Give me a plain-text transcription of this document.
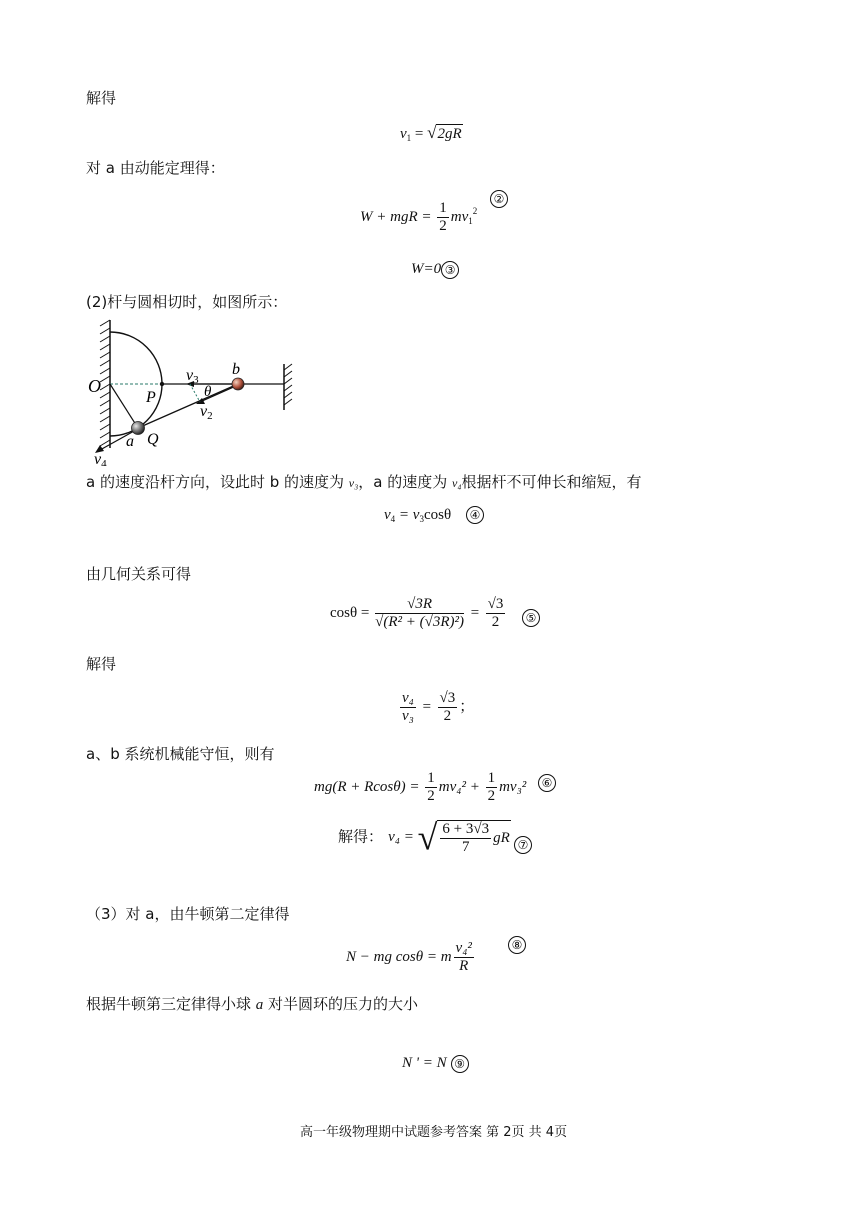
解得
$v_1 = √2gR$
对 a 由动能定理得：
W + mgR = $\frac{1}{2} mv_1^2$
②
W=0 ③
(2)杆与圆相切时，如图所示：
O
P
Q
a
b
θ
v3
v2
v4
a 的速度沿杆方向，设此时 b 的速度为 v₃，a 的速度为 v₄根据杆不可伸长和缩短，有
$v_4 = v_3\cos\theta$	④
由几何关系可得
$\cos\theta = \frac{√3R}{\text{√(R² + (√3R)²)}} = \frac{√3}{2}$	⑤
解得
$\frac{\text{v₄}}{\text{v₃}} = \frac{√3}{2}$ ；
a、b 系统机械能守恒，则有
$mg(R + Rcos\theta) = \frac{1}{2} mv_4^2 + \frac{1}{2} mv_3^2$	⑥
解得： v₄ = √ $\frac{6 + 3√3}{7}$ gR ⑦
（3）对 a，由牛顿第二定律得
N − mg cosθ = m $\frac{\text{v₄²}}{R}$	⑧
根据牛顿第三定律得小球 a 对半圆环的压力的大小
N ' = N ⑨
高一年级物理期中试题参考答案 第 2页 共 4页
